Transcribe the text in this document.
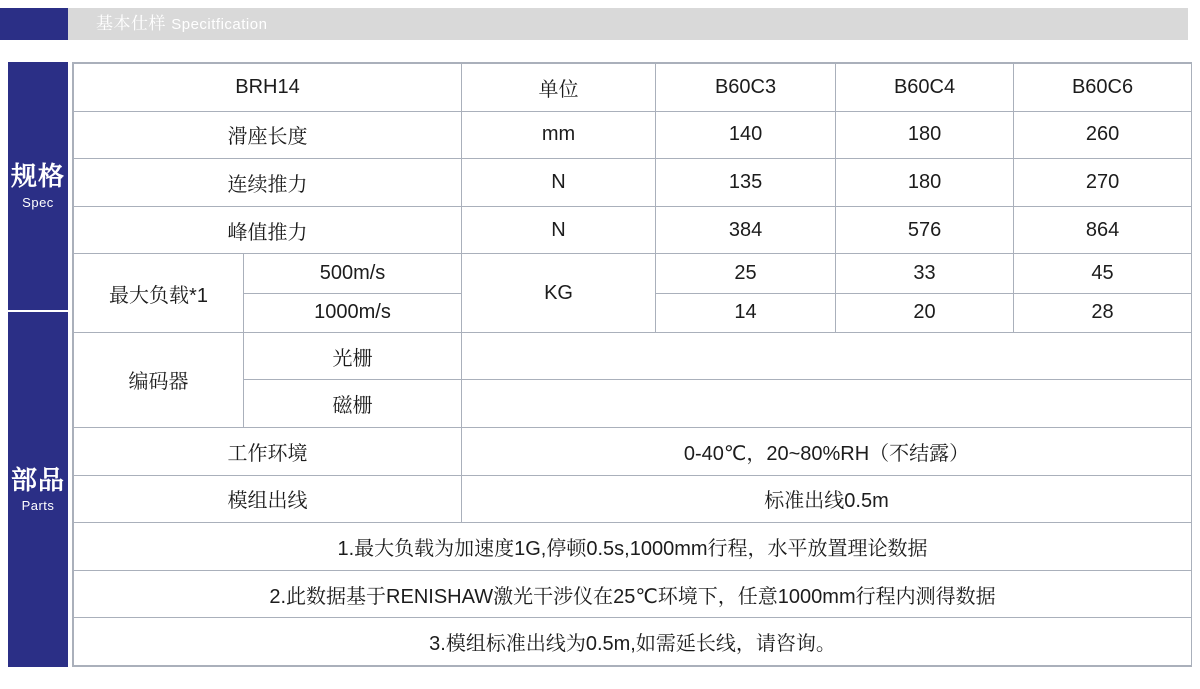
基本仕样 Specitfication
规格
Spec
部品
Parts
BRH14		单位	B60C3	B60C4	B60C6
滑座长度		mm	140	180	260
连续推力		N	135	180	270
峰值推力		N	384	576	864
最大负载*1	500m/s	KG	25	33	45
	1000m/s		14	20	28
编码器	光栅				
	磁栅				
工作环境		0-40℃，20~80%RH（不结露）			
模组出线		标准出线0.5m			
1.最大负载为加速度1G,停顿0.5s,1000mm行程，水平放置理论数据					
2.此数据基于RENISHAW激光干涉仪在25℃环境下，任意1000mm行程内测得数据					
3.模组标准出线为0.5m,如需延长线，请咨询。					
